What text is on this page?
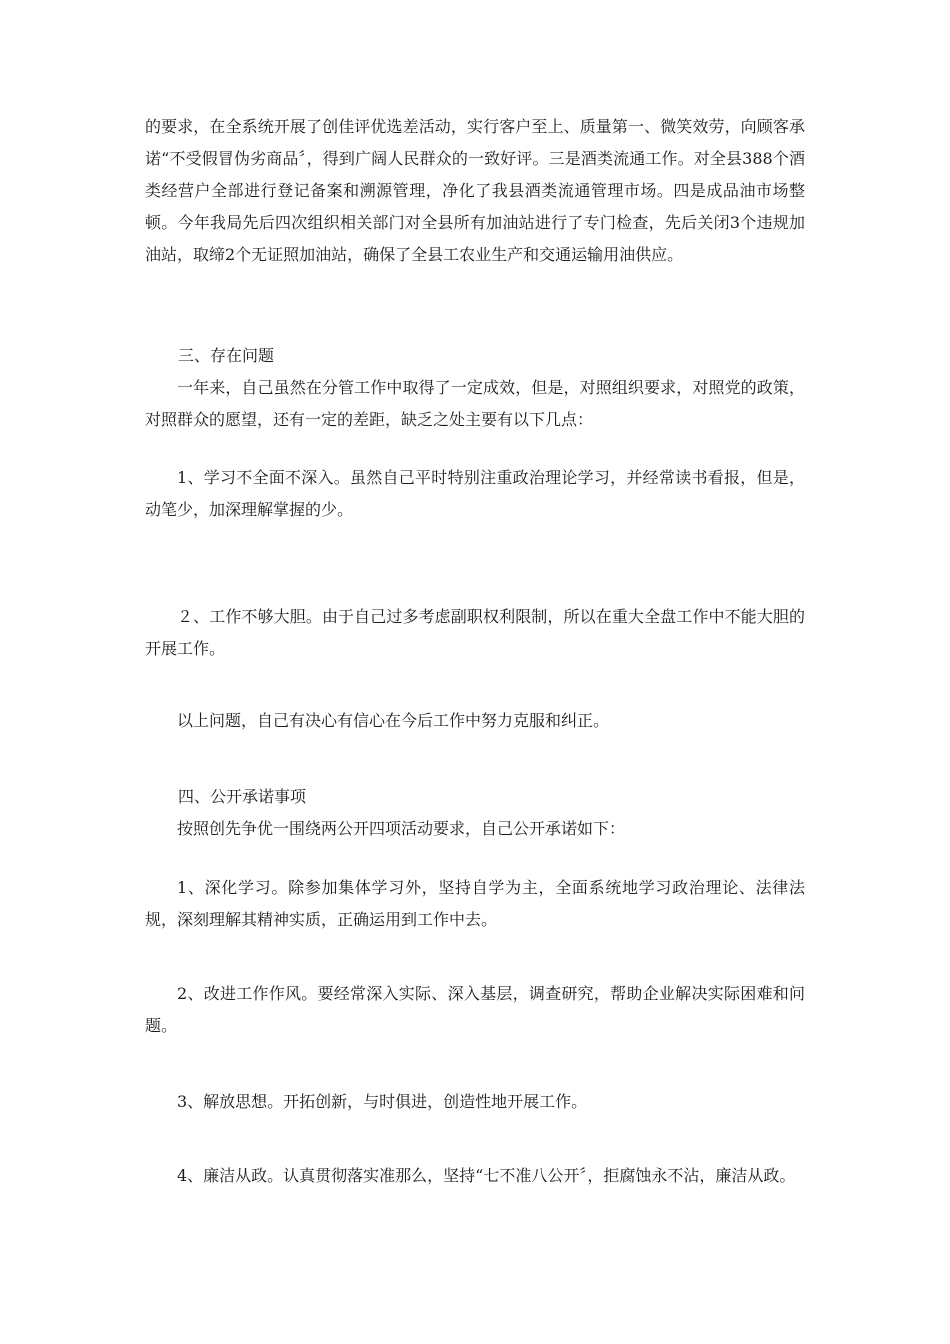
的要求，在全系统开展了创佳评优选差活动，实行客户至上、质量第一、微笑效劳，向顾客承诺“不受假冒伪劣商品〞，得到广阔人民群众的一致好评。三是酒类流通工作。对全县388个酒类经营户全部进行登记备案和溯源管理，净化了我县酒类流通管理市场。四是成品油市场整顿。今年我局先后四次组织相关部门对全县所有加油站进行了专门检查，先后关闭3个违规加油站，取缔2个无证照加油站，确保了全县工农业生产和交通运输用油供应。

三、存在问题

一年来，自己虽然在分管工作中取得了一定成效，但是，对照组织要求，对照党的政策，对照群众的愿望，还有一定的差距，缺乏之处主要有以下几点：

1、学习不全面不深入。虽然自己平时特别注重政治理论学习，并经常读书看报，但是，动笔少，加深理解掌握的少。

２、工作不够大胆。由于自己过多考虑副职权利限制，所以在重大全盘工作中不能大胆的开展工作。

以上问题，自己有决心有信心在今后工作中努力克服和纠正。

四、公开承诺事项

按照创先争优一围绕两公开四项活动要求，自己公开承诺如下：

1、深化学习。除参加集体学习外，坚持自学为主，全面系统地学习政治理论、法律法规，深刻理解其精神实质，正确运用到工作中去。

2、改进工作作风。要经常深入实际、深入基层，调查研究，帮助企业解决实际困难和问题。

3、解放思想。开拓创新，与时俱进，创造性地开展工作。

4、廉洁从政。认真贯彻落实准那么，坚持“七不准八公开〞，拒腐蚀永不沾，廉洁从政。
